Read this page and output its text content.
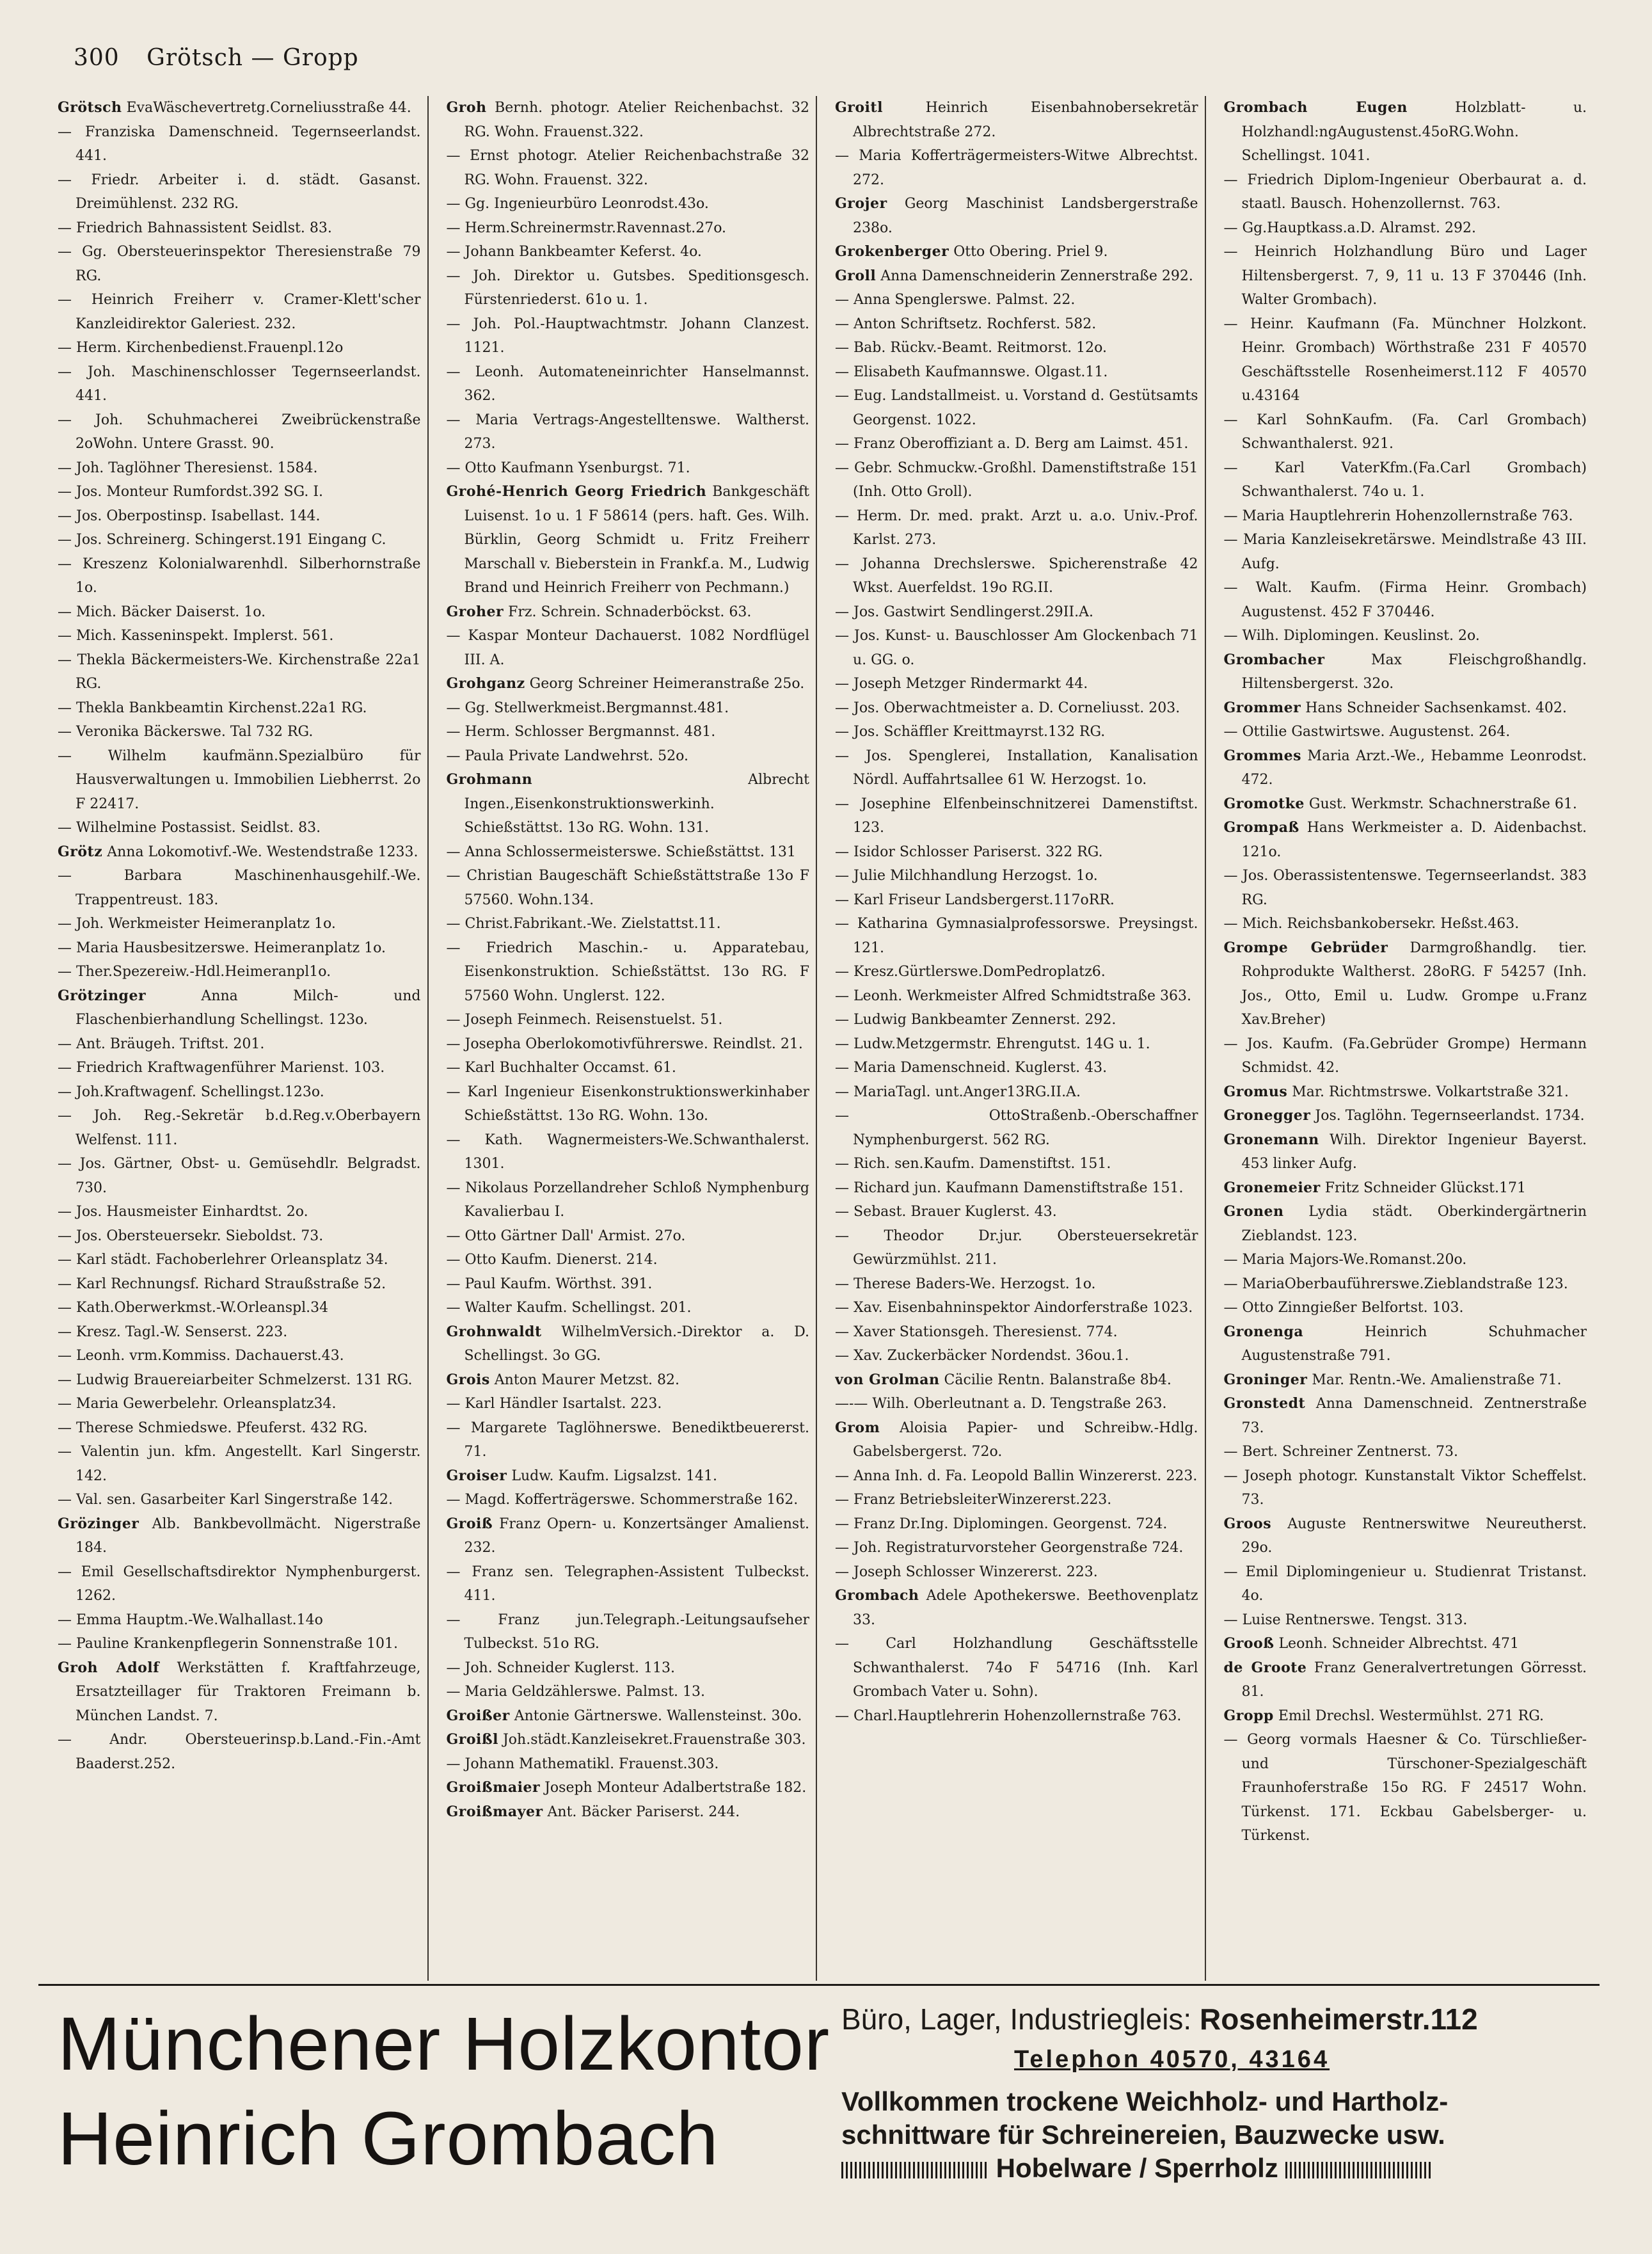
300 Grötsch — Gropp
Grötsch EvaWäschevertretg.Corneliusstraße 44.
— Franziska Damenschneid. Tegernseerlandst. 441.
— Friedr. Arbeiter i. d. städt. Gasanst. Dreimühlenst. 232 RG.
— Friedrich Bahnassistent Seidlst. 83.
— Gg. Obersteuerinspektor Theresienstraße 79 RG.
— Heinrich Freiherr v. Cramer-Klett'scher Kanzleidirektor Galeriest. 232.
— Herm. Kirchenbedienst.Frauenpl.12o
— Joh. Maschinenschlosser Tegernseerlandst. 441.
— Joh. Schuhmacherei Zweibrückenstraße 2oWohn. Untere Grasst. 90.
— Joh. Taglöhner Theresienst. 1584.
— Jos. Monteur Rumfordst.392 SG. I.
— Jos. Oberpostinsp. Isabellast. 144.
— Jos. Schreinerg. Schingerst.191 Eingang C.
— Kreszenz Kolonialwarenhdl. Silberhornstraße 1o.
— Mich. Bäcker Daiserst. 1o.
— Mich. Kasseninspekt. Implerst. 561.
— Thekla Bäckermeisters-We. Kirchenstraße 22a1 RG.
— Thekla Bankbeamtin Kirchenst.22a1 RG.
— Veronika Bäckerswe. Tal 732 RG.
— Wilhelm kaufmänn.Spezialbüro für Hausverwaltungen u. Immobilien Liebherrst. 2o F 22417.
— Wilhelmine Postassist. Seidlst. 83.
Grötz Anna Lokomotivf.-We. Westendstraße 1233.
— Barbara Maschinenhausgehilf.-We. Trappentreust. 183.
— Joh. Werkmeister Heimeranplatz 1o.
— Maria Hausbesitzerswe. Heimeranplatz 1o.
— Ther.Spezereiw.-Hdl.Heimeranpl1o.
Grötzinger Anna Milch- und Flaschenbierhandlung Schellingst. 123o.
— Ant. Bräugeh. Triftst. 201.
— Friedrich Kraftwagenführer Marienst. 103.
— Joh.Kraftwagenf. Schellingst.123o.
— Joh. Reg.-Sekretär b.d.Reg.v.Oberbayern Welfenst. 111.
— Jos. Gärtner, Obst- u. Gemüsehdlr. Belgradst. 730.
— Jos. Hausmeister Einhardtst. 2o.
— Jos. Obersteuersekr. Sieboldst. 73.
— Karl städt. Fachoberlehrer Orleansplatz 34.
— Karl Rechnungsf. Richard Straußstraße 52.
— Kath.Oberwerkmst.-W.Orleanspl.34
— Kresz. Tagl.-W. Senserst. 223.
— Leonh. vrm.Kommiss. Dachauerst.43.
— Ludwig Brauereiarbeiter Schmelzerst. 131 RG.
— Maria Gewerbelehr. Orleansplatz34.
— Therese Schmiedswe. Pfeuferst. 432 RG.
— Valentin jun. kfm. Angestellt. Karl Singerstr. 142.
— Val. sen. Gasarbeiter Karl Singerstraße 142.
Grözinger Alb. Bankbevollmächt. Nigerstraße 184.
— Emil Gesellschaftsdirektor Nymphenburgerst. 1262.
— Emma Hauptm.-We.Walhallast.14o
— Pauline Krankenpflegerin Sonnenstraße 101.
Groh Adolf Werkstätten f. Kraftfahrzeuge, Ersatzteillager für Traktoren Freimann b. München Landst. 7.
— Andr. Obersteuerinsp.b.Land.-Fin.-Amt Baaderst.252.
Groh Bernh. photogr. Atelier Reichenbachst. 32 RG. Wohn. Frauenst.322.
— Ernst photogr. Atelier Reichenbachstraße 32 RG. Wohn. Frauenst. 322.
— Gg. Ingenieurbüro Leonrodst.43o.
— Herm.Schreinermstr.Ravennast.27o.
— Johann Bankbeamter Keferst. 4o.
— Joh. Direktor u. Gutsbes. Speditionsgesch. Fürstenriederst. 61o u. 1.
— Joh. Pol.-Hauptwachtmstr. Johann Clanzest. 1121.
— Leonh. Automateneinrichter Hanselmannst. 362.
— Maria Vertrags-Angestelltenswe. Waltherst. 273.
— Otto Kaufmann Ysenburgst. 71.
Grohé-Henrich Georg Friedrich Bankgeschäft Luisenst. 1o u. 1 F 58614 (pers. haft. Ges. Wilh. Bürklin, Georg Schmidt u. Fritz Freiherr Marschall v. Bieberstein in Frankf.a. M., Ludwig Brand und Heinrich Freiherr von Pechmann.)
Groher Frz. Schrein. Schnaderböckst. 63.
— Kaspar Monteur Dachauerst. 1082 Nordflügel III. A.
Grohganz Georg Schreiner Heimeranstraße 25o.
— Gg. Stellwerkmeist.Bergmannst.481.
— Herm. Schlosser Bergmannst. 481.
— Paula Private Landwehrst. 52o.
Grohmann Albrecht Ingen.,Eisenkonstruktionswerkinh. Schießstättst. 13o RG. Wohn. 131.
— Anna Schlossermeisterswe. Schießstättst. 131
— Christian Baugeschäft Schießstättstraße 13o F 57560. Wohn.134.
— Christ.Fabrikant.-We. Zielstattst.11.
— Friedrich Maschin.- u. Apparatebau, Eisenkonstruktion. Schießstättst. 13o RG. F 57560 Wohn. Unglerst. 122.
— Joseph Feinmech. Reisenstuelst. 51.
— Josepha Oberlokomotivführerswe. Reindlst. 21.
— Karl Buchhalter Occamst. 61.
— Karl Ingenieur Eisenkonstruktionswerkinhaber Schießstättst. 13o RG. Wohn. 13o.
— Kath. Wagnermeisters-We.Schwanthalerst. 1301.
— Nikolaus Porzellandreher Schloß Nymphenburg Kavalierbau I.
— Otto Gärtner Dall' Armist. 27o.
— Otto Kaufm. Dienerst. 214.
— Paul Kaufm. Wörthst. 391.
— Walter Kaufm. Schellingst. 201.
Grohnwaldt WilhelmVersich.-Direktor a. D. Schellingst. 3o GG.
Grois Anton Maurer Metzst. 82.
— Karl Händler Isartalst. 223.
— Margarete Taglöhnerswe. Benediktbeuererst. 71.
Groiser Ludw. Kaufm. Ligsalzst. 141.
— Magd. Kofferträgerswe. Schommerstraße 162.
Groiß Franz Opern- u. Konzertsänger Amalienst. 232.
— Franz sen. Telegraphen-Assistent Tulbeckst. 411.
— Franz jun.Telegraph.-Leitungsaufseher Tulbeckst. 51o RG.
— Joh. Schneider Kuglerst. 113.
— Maria Geldzählerswe. Palmst. 13.
Groißer Antonie Gärtnerswe. Wallensteinst. 30o.
Groißl Joh.städt.Kanzleisekret.Frauenstraße 303.
— Johann Mathematikl. Frauenst.303.
Groißmaier Joseph Monteur Adalbertstraße 182.
Groißmayer Ant. Bäcker Pariserst. 244.
Groitl Heinrich Eisenbahnobersekretär Albrechtstraße 272.
— Maria Kofferträgermeisters-Witwe Albrechtst. 272.
Grojer Georg Maschinist Landsbergerstraße 238o.
Grokenberger Otto Obering. Priel 9.
Groll Anna Damenschneiderin Zennerstraße 292.
— Anna Spenglerswe. Palmst. 22.
— Anton Schriftsetz. Rochferst. 582.
— Bab. Rückv.-Beamt. Reitmorst. 12o.
— Elisabeth Kaufmannswe. Olgast.11.
— Eug. Landstallmeist. u. Vorstand d. Gestütsamts Georgenst. 1022.
— Franz Oberoffiziant a. D. Berg am Laimst. 451.
— Gebr. Schmuckw.-Großhl. Damenstiftstraße 151 (Inh. Otto Groll).
— Herm. Dr. med. prakt. Arzt u. a.o. Univ.-Prof. Karlst. 273.
— Johanna Drechslerswe. Spicherenstraße 42 Wkst. Auerfeldst. 19o RG.II.
— Jos. Gastwirt Sendlingerst.29II.A.
— Jos. Kunst- u. Bauschlosser Am Glockenbach 71 u. GG. o.
— Joseph Metzger Rindermarkt 44.
— Jos. Oberwachtmeister a. D. Corneliusst. 203.
— Jos. Schäffler Kreittmayrst.132 RG.
— Jos. Spenglerei, Installation, Kanalisation Nördl. Auffahrtsallee 61 W. Herzogst. 1o.
— Josephine Elfenbeinschnitzerei Damenstiftst. 123.
— Isidor Schlosser Pariserst. 322 RG.
— Julie Milchhandlung Herzogst. 1o.
— Karl Friseur Landsbergerst.117oRR.
— Katharina Gymnasialprofessorswe. Preysingst. 121.
— Kresz.Gürtlerswe.DomPedroplatz6.
— Leonh. Werkmeister Alfred Schmidtstraße 363.
— Ludwig Bankbeamter Zennerst. 292.
— Ludw.Metzgermstr. Ehrengutst. 14G u. 1.
— Maria Damenschneid. Kuglerst. 43.
— MariaTagl. unt.Anger13RG.II.A.
— OttoStraßenb.-Oberschaffner Nymphenburgerst. 562 RG.
— Rich. sen.Kaufm. Damenstiftst. 151.
— Richard jun. Kaufmann Damenstiftstraße 151.
— Sebast. Brauer Kuglerst. 43.
— Theodor Dr.jur. Obersteuersekretär Gewürzmühlst. 211.
— Therese Baders-We. Herzogst. 1o.
— Xav. Eisenbahninspektor Aindorferstraße 1023.
— Xaver Stationsgeh. Theresienst. 774.
— Xav. Zuckerbäcker Nordendst. 36ou.1.
von Grolman Cäcilie Rentn. Balanstraße 8b4.
—-— Wilh. Oberleutnant a. D. Tengstraße 263.
Grom Aloisia Papier- und Schreibw.-Hdlg. Gabelsbergerst. 72o.
— Anna Inh. d. Fa. Leopold Ballin Winzererst. 223.
— Franz BetriebsleiterWinzererst.223.
— Franz Dr.Ing. Diplomingen. Georgenst. 724.
— Joh. Registraturvorsteher Georgenstraße 724.
— Joseph Schlosser Winzererst. 223.
Grombach Adele Apothekerswe. Beethovenplatz 33.
— Carl Holzhandlung Geschäftsstelle Schwanthalerst. 74o F 54716 (Inh. Karl Grombach Vater u. Sohn).
— Charl.Hauptlehrerin Hohenzollernstraße 763.
Grombach Eugen Holzblatt- u. Holzhandl:ngAugustenst.45oRG.Wohn. Schellingst. 1041.
— Friedrich Diplom-Ingenieur Oberbaurat a. d. staatl. Bausch. Hohenzollernst. 763.
— Gg.Hauptkass.a.D. Alramst. 292.
— Heinrich Holzhandlung Büro und Lager Hiltensbergerst. 7, 9, 11 u. 13 F 370446 (Inh. Walter Grombach).
— Heinr. Kaufmann (Fa. Münchner Holzkont. Heinr. Grombach) Wörthstraße 231 F 40570 Geschäftsstelle Rosenheimerst.112 F 40570 u.43164
— Karl SohnKaufm. (Fa. Carl Grombach) Schwanthalerst. 921.
— Karl VaterKfm.(Fa.Carl Grombach) Schwanthalerst. 74o u. 1.
— Maria Hauptlehrerin Hohenzollernstraße 763.
— Maria Kanzleisekretärswe. Meindlstraße 43 III. Aufg.
— Walt. Kaufm. (Firma Heinr. Grombach) Augustenst. 452 F 370446.
— Wilh. Diplomingen. Keuslinst. 2o.
Grombacher Max Fleischgroßhandlg. Hiltensbergerst. 32o.
Grommer Hans Schneider Sachsenkamst. 402.
— Ottilie Gastwirtswe. Augustenst. 264.
Grommes Maria Arzt.-We., Hebamme Leonrodst. 472.
Gromotke Gust. Werkmstr. Schachnerstraße 61.
Grompaß Hans Werkmeister a. D. Aidenbachst. 121o.
— Jos. Oberassistentenswe. Tegernseerlandst. 383 RG.
— Mich. Reichsbankobersekr. Heßst.463.
Grompe Gebrüder Darmgroßhandlg. tier. Rohprodukte Waltherst. 28oRG. F 54257 (Inh. Jos., Otto, Emil u. Ludw. Grompe u.Franz Xav.Breher)
— Jos. Kaufm. (Fa.Gebrüder Grompe) Hermann Schmidst. 42.
Gromus Mar. Richtmstrswe. Volkartstraße 321.
Gronegger Jos. Taglöhn. Tegernseerlandst. 1734.
Gronemann Wilh. Direktor Ingenieur Bayerst. 453 linker Aufg.
Gronemeier Fritz Schneider Glückst.171
Gronen Lydia städt. Oberkindergärtnerin Zieblandst. 123.
— Maria Majors-We.Romanst.20o.
— MariaOberbauführerswe.Zieblandstraße 123.
— Otto Zinngießer Belfortst. 103.
Gronenga Heinrich Schuhmacher Augustenstraße 791.
Groninger Mar. Rentn.-We. Amalienstraße 71.
Gronstedt Anna Damenschneid. Zentnerstraße 73.
— Bert. Schreiner Zentnerst. 73.
— Joseph photogr. Kunstanstalt Viktor Scheffelst. 73.
Groos Auguste Rentnerswitwe Neureutherst. 29o.
— Emil Diplomingenieur u. Studienrat Tristanst. 4o.
— Luise Rentnerswe. Tengst. 313.
Grooß Leonh. Schneider Albrechtst. 471
de Groote Franz Generalvertretungen Görresst. 81.
Gropp Emil Drechsl. Westermühlst. 271 RG.
— Georg vormals Haesner & Co. Türschließer- und Türschoner-Spezialgeschäft Fraunhoferstraße 15o RG. F 24517 Wohn. Türkenst. 171. Eckbau Gabelsberger- u. Türkenst.
Münchener Holzkontor
Heinrich Grombach
Büro, Lager, Industriegleis: Rosenheimerstr.112
Telephon 40570, 43164
Vollkommen trockene Weichholz- und Hartholz-
schnittware für Schreinereien, Bauzwecke usw.
Hobelware / Sperrholz
